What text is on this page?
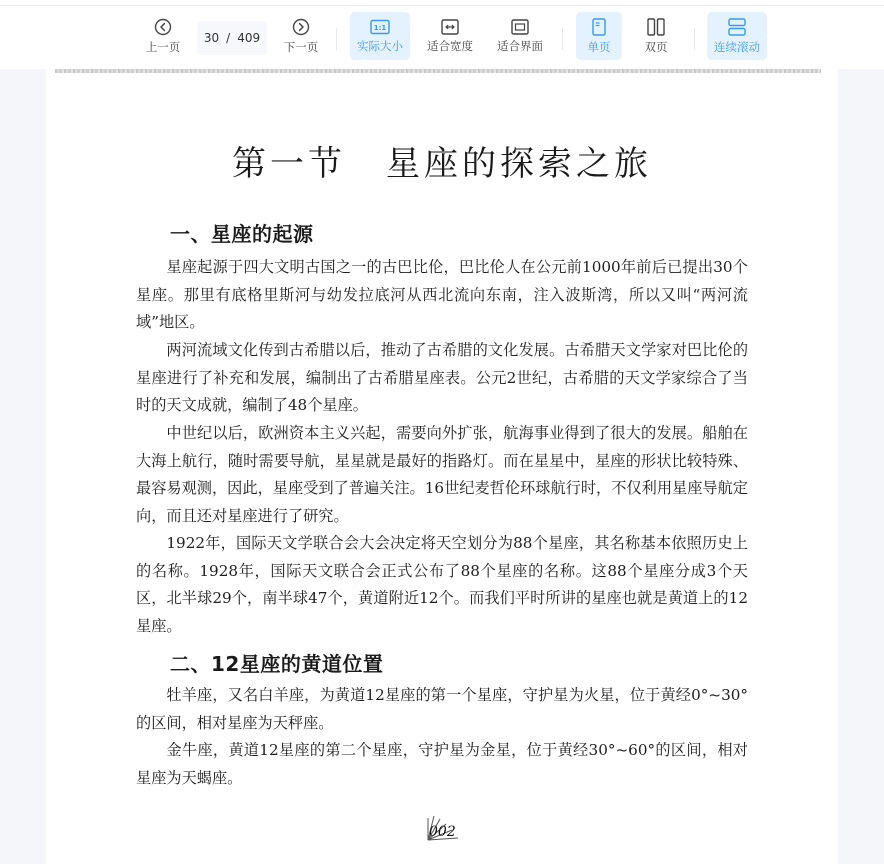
上一页
30 / 409
下一页
1:1
实际大小 适合宽度 适合界面	单页	双页	连续滚动
第一节 星座的探索之旅
一、星座的起源

星座起源于四大文明古国之一的古巴比伦，巴比伦人在公元前1000年前后已提出30个星座。那里有底格里斯河与幼发拉底河从西北流向东南，注入波斯湾，所以又叫“两河流域”地区。

两河流域文化传到古希腊以后，推动了古希腊的文化发展。古希腊天文学家对巴比伦的星座进行了补充和发展，编制出了古希腊星座表。公元2世纪，古希腊的天文学家综合了当时的天文成就，编制了48个星座。

中世纪以后，欧洲资本主义兴起，需要向外扩张，航海事业得到了很大的发展。船舶在大海上航行，随时需要导航，星星就是最好的指路灯。而在星星中，星座的形状比较特殊、最容易观测，因此，星座受到了普遍关注。16世纪麦哲伦环球航行时，不仅利用星座导航定向，而且还对星座进行了研究。

1922年，国际天文学联合会大会决定将天空划分为88个星座，其名称基本依照历史上的名称。1928年，国际天文联合会正式公布了88个星座的名称。这88个星座分成3个天区，北半球29个，南半球47个，黄道附近12个。而我们平时所讲的星座也就是黄道上的12星座。

二、12星座的黄道位置

牡羊座，又名白羊座，为黄道12星座的第一个星座，守护星为火星，位于黄经0°~30°的区间，相对星座为天秤座。

金牛座，黄道12星座的第二个星座，守护星为金星，位于黄经30°~60°的区间，相对星座为天蝎座。

002
